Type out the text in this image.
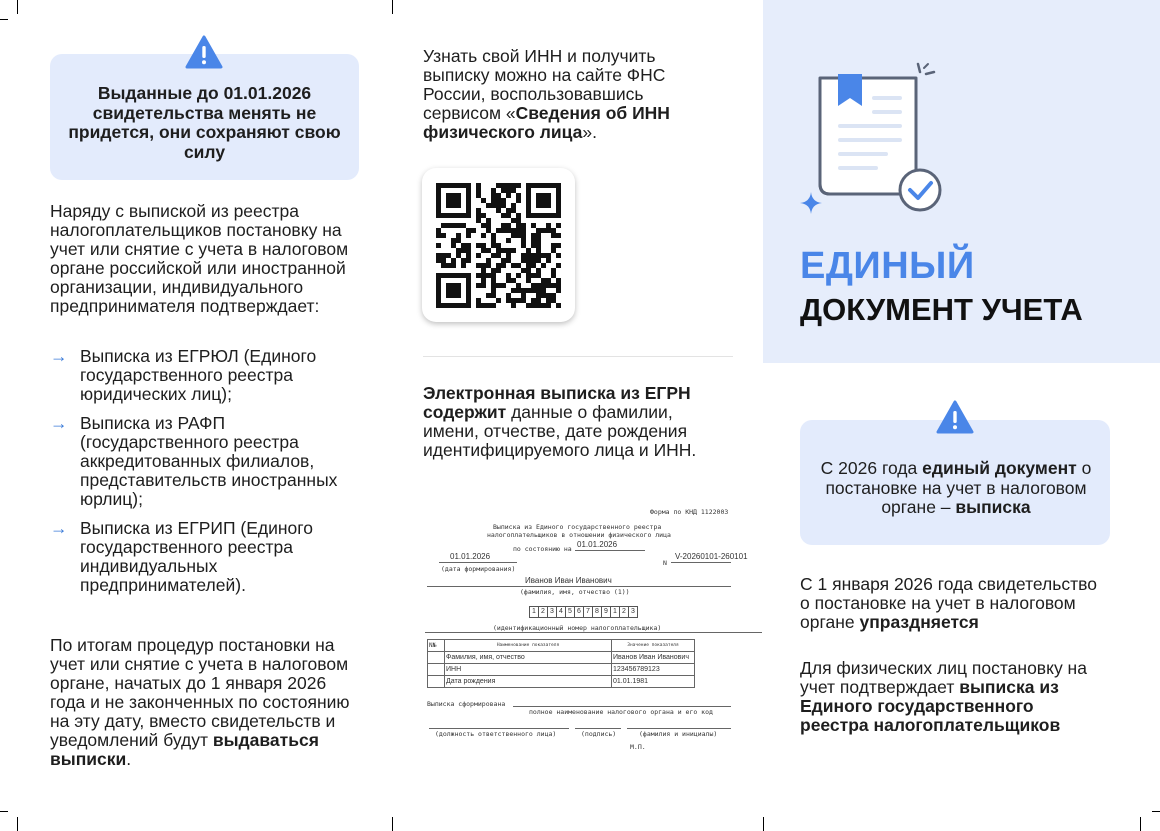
Выданные до 01.01.2026 свидетельства менять не придется, они сохраняют свою силу
Наряду с выпиской из реестра налогоплательщиков постановку на учет или снятие с учета в налоговом органе российской или иностранной организации, индивидуального предпринимателя подтверждает:
→ Выписка из ЕГРЮЛ (Единого государственного реестра юридических лиц);
→ Выписка из РАФП (государственного реестра аккредитованных филиалов, представительств иностранных юрлиц);
→ Выписка из ЕГРИП (Единого государственного реестра индивидуальных предпринимателей).
По итогам процедур постановки на учет или снятие с учета в налоговом органе, начатых до 1 января 2026 года и не законченных по состоянию на эту дату, вместо свидетельств и уведомлений будут выдаваться выписки.
Узнать свой ИНН и получить выписку можно на сайте ФНС России, воспользовавшись сервисом «Сведения об ИНН физического лица».
Электронная выписка из ЕГРН содержит данные о фамилии, имени, отчестве, дате рождения идентифицируемого лица и ИНН.
Форма по КНД 1122003
Выписка из Единого государственного реестра
налогоплательщиков в отношении физического лица
по состоянию на 01.01.2026
01.01.2026
(дата формирования)
N
V-20260101-260101
Иванов Иван Иванович
(фамилия, имя, отчество (1))
1 2 3 4 5 6 7 8 9 1 2 3
(идентификационный номер налогоплательщика)
N№	Наименование показателя	Значение показателя
	Фамилия, имя, отчество	Иванов Иван Иванович
	ИНН	123456789123
	Дата рождения	01.01.1981
Выписка сформирована
полное наименование налогового органа и его код
(должность ответственного лица)	(подпись)	(фамилия и инициалы)
М.П.
ЕДИНЫЙ
ДОКУМЕНТ УЧЕТА
С 2026 года единый документ о постановке на учет в налоговом органе – выписка
С 1 января 2026 года свидетельство о постановке на учет в налоговом органе упраздняется
Для физических лиц постановку на учет подтверждает выписка из Единого государственного реестра налогоплательщиков
